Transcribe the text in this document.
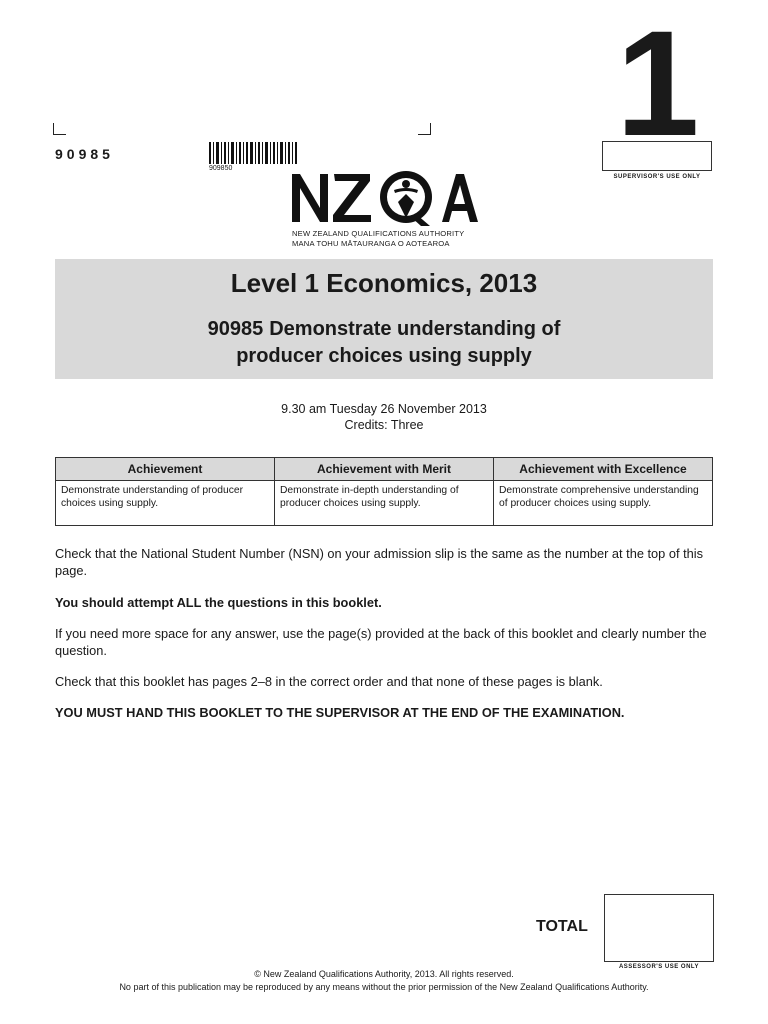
90985
909850
1
SUPERVISOR'S USE ONLY
NEW ZEALAND QUALIFICATIONS AUTHORITY
MANA TOHU MĀTAURANGA O AOTEAROA
Level 1 Economics, 2013
90985 Demonstrate understanding of
producer choices using supply
9.30 am Tuesday 26 November 2013
Credits: Three
Achievement	Achievement with Merit	Achievement with Excellence
Demonstrate understanding of producer choices using supply.	Demonstrate in-depth understanding of producer choices using supply.	Demonstrate comprehensive understanding of producer choices using supply.
Check that the National Student Number (NSN) on your admission slip is the same as the number at the top of this page.
You should attempt ALL the questions in this booklet.
If you need more space for any answer, use the page(s) provided at the back of this booklet and clearly number the question.
Check that this booklet has pages 2–8 in the correct order and that none of these pages is blank.
YOU MUST HAND THIS BOOKLET TO THE SUPERVISOR AT THE END OF THE EXAMINATION.
TOTAL
ASSESSOR'S USE ONLY
© New Zealand Qualifications Authority, 2013. All rights reserved.
No part of this publication may be reproduced by any means without the prior permission of the New Zealand Qualifications Authority.
